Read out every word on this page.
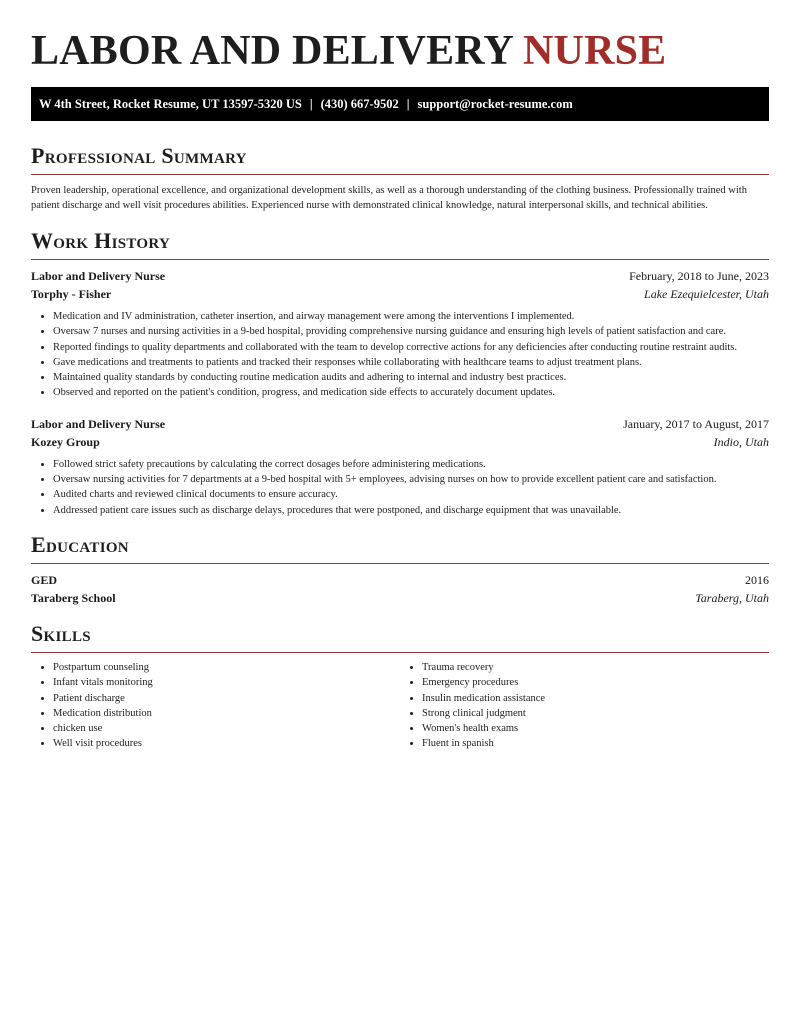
LABOR AND DELIVERY NURSE
W 4th Street, Rocket Resume, UT 13597-5320 US | (430) 667-9502 | support@rocket-resume.com
Professional Summary

Proven leadership, operational excellence, and organizational development skills, as well as a thorough understanding of the clothing business. Professionally trained with patient discharge and well visit procedures abilities. Experienced nurse with demonstrated clinical knowledge, natural interpersonal skills, and technical abilities.

Work History
Labor and Delivery Nurse	February, 2018 to June, 2023
Torphy - Fisher	Lake Ezequielcester, Utah
• Medication and IV administration, catheter insertion, and airway management were among the interventions I implemented.
• Oversaw 7 nurses and nursing activities in a 9-bed hospital, providing comprehensive nursing guidance and ensuring high levels of patient satisfaction and care.
• Reported findings to quality departments and collaborated with the team to develop corrective actions for any deficiencies after conducting routine restraint audits.
• Gave medications and treatments to patients and tracked their responses while collaborating with healthcare teams to adjust treatment plans.
• Maintained quality standards by conducting routine medication audits and adhering to internal and industry best practices.
• Observed and reported on the patient's condition, progress, and medication side effects to accurately document updates.
Labor and Delivery Nurse	January, 2017 to August, 2017
Kozey Group	Indio, Utah
• Followed strict safety precautions by calculating the correct dosages before administering medications.
• Oversaw nursing activities for 7 departments at a 9-bed hospital with 5+ employees, advising nurses on how to provide excellent patient care and satisfaction.
• Audited charts and reviewed clinical documents to ensure accuracy.
• Addressed patient care issues such as discharge delays, procedures that were postponed, and discharge equipment that was unavailable.
Education
GED	2016
Taraberg School	Taraberg, Utah
Skills
• Postpartum counseling
• Infant vitals monitoring
• Patient discharge
• Medication distribution
• chicken use
• Well visit procedures
• Trauma recovery
• Emergency procedures
• Insulin medication assistance
• Strong clinical judgment
• Women's health exams
• Fluent in spanish
